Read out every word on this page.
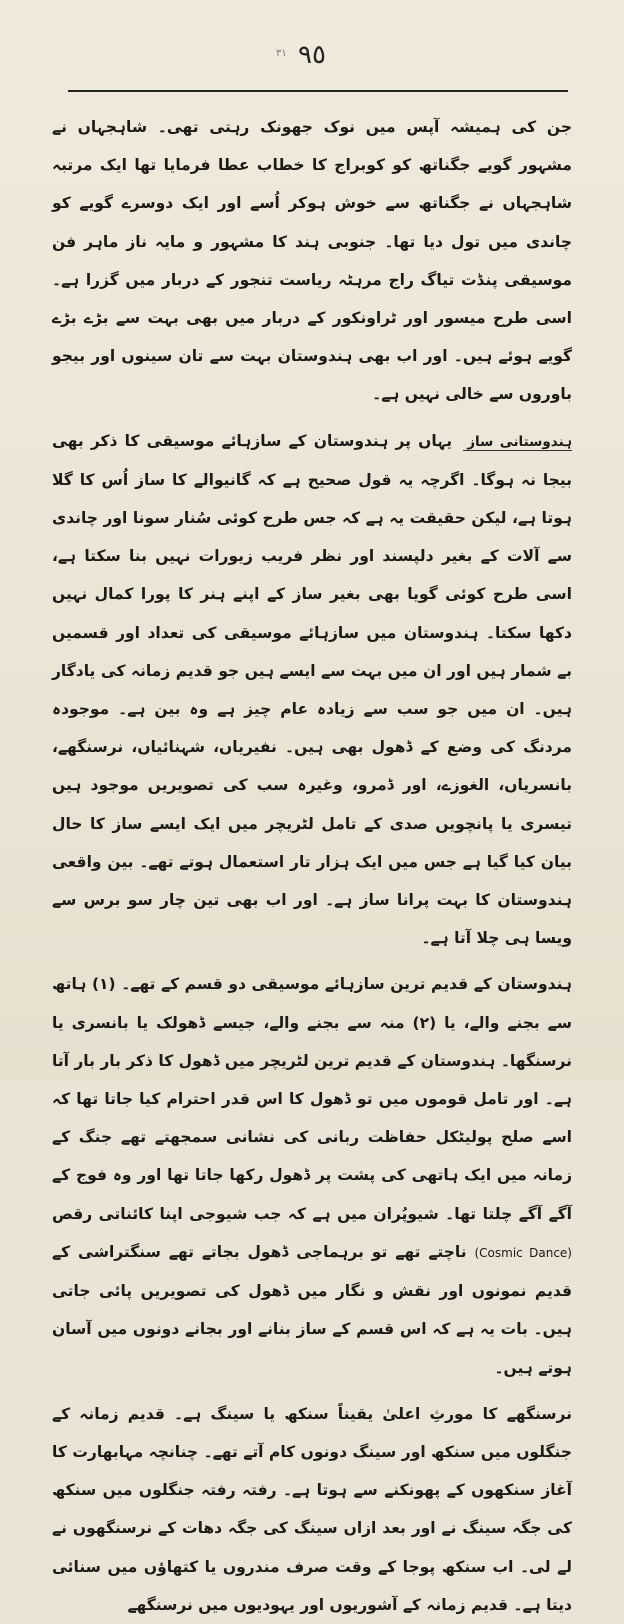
٩٥
٣١

جن کی ہمیشہ آپس میں نوک جھونک رہتی تھی۔ شاہجہاں نے مشہور گویے جگناتھ کو کوبراج کا خطاب عطا فرمایا تھا ایک مرتبہ شاہجہاں نے جگناتھ سے خوش ہوکر اُسے اور ایک دوسرے گویے کو چاندی میں تول دیا تھا۔ جنوبی ہند کا مشہور و مایہ ناز ماہر فن موسیقی پنڈت تیاگ راج مرہٹہ ریاست تنجور کے دربار میں گزرا ہے۔ اسی طرح میسور اور ٹراونکور کے دربار میں بھی بہت سے بڑے بڑے گویے ہوئے ہیں۔ اور اب بھی ہندوستان بہت سے تان سینوں اور بیجو باوروں سے خالی نہیں ہے۔

ہندوستانی ساز یہاں پر ہندوستان کے سازہائے موسیقی کا ذکر بھی بیجا نہ ہوگا۔ اگرچہ یہ قول صحیح ہے کہ گانیوالے کا ساز اُس کا گلا ہوتا ہے، لیکن حقیقت یہ ہے کہ جس طرح کوئی سُنار سونا اور چاندی سے آلات کے بغیر دلپسند اور نظر فریب زیورات نہیں بنا سکتا ہے، اسی طرح کوئی گویا بھی بغیر ساز کے اپنے ہنر کا پورا کمال نہیں دکھا سکتا۔ ہندوستان میں سازہائے موسیقی کی تعداد اور قسمیں بے شمار ہیں اور ان میں بہت سے ایسے ہیں جو قدیم زمانہ کی یادگار ہیں۔ ان میں جو سب سے زیادہ عام چیز ہے وہ بین ہے۔ موجودہ مردنگ کی وضع کے ڈھول بھی ہیں۔ نفیریاں، شہنائیاں، نرسنگھے، بانسریاں، الغوزے، اور ڈمرو، وغیرہ سب کی تصویریں موجود ہیں تیسری یا پانچویں صدی کے تامل لٹریچر میں ایک ایسے ساز کا حال بیان کیا گیا ہے جس میں ایک ہزار تار استعمال ہوتے تھے۔ بین واقعی ہندوستان کا بہت پرانا ساز ہے۔ اور اب بھی تین چار سو برس سے ویسا ہی چلا آتا ہے۔

ہندوستان کے قدیم ترین سازہائے موسیقی دو قسم کے تھے۔ (۱) ہاتھ سے بجنے والے، یا (۲) منہ سے بجنے والے، جیسے ڈھولک یا بانسری یا نرسنگھا۔ ہندوستان کے قدیم ترین لٹریچر میں ڈھول کا ذکر بار بار آتا ہے۔ اور تامل قوموں میں تو ڈھول کا اس قدر احترام کیا جاتا تھا کہ اسے صلح پولیٹکل حفاظت ربانی کی نشانی سمجھتے تھے جنگ کے زمانہ میں ایک ہاتھی کی پشت پر ڈھول رکھا جاتا تھا اور وہ فوج کے آگے آگے چلتا تھا۔ شیوپُران میں ہے کہ جب شیوجی اپنا کائناتی رقص (Cosmic Dance) ناچتے تھے تو برہماجی ڈھول بجاتے تھے سنگتراشی کے قدیم نمونوں اور نقش و نگار میں ڈھول کی تصویریں پائی جاتی ہیں۔ بات یہ ہے کہ اس قسم کے ساز بنانے اور بجانے دونوں میں آسان ہوتے ہیں۔

نرسنگھے کا مورثِ اعلیٰ یقیناً سنکھ یا سینگ ہے۔ قدیم زمانہ کے جنگلوں میں سنکھ اور سینگ دونوں کام آتے تھے۔ چنانچہ مہابھارت کا آغاز سنکھوں کے پھونکنے سے ہوتا ہے۔ رفتہ رفتہ جنگلوں میں سنکھ کی جگہ سینگ نے اور بعد ازاں سینگ کی جگہ دھات کے نرسنگھوں نے لے لی۔ اب سنکھ پوجا کے وقت صرف مندروں یا کتھاؤں میں سنائی دیتا ہے۔ قدیم زمانہ کے آشوریوں اور یہودیوں میں نرسنگھے
